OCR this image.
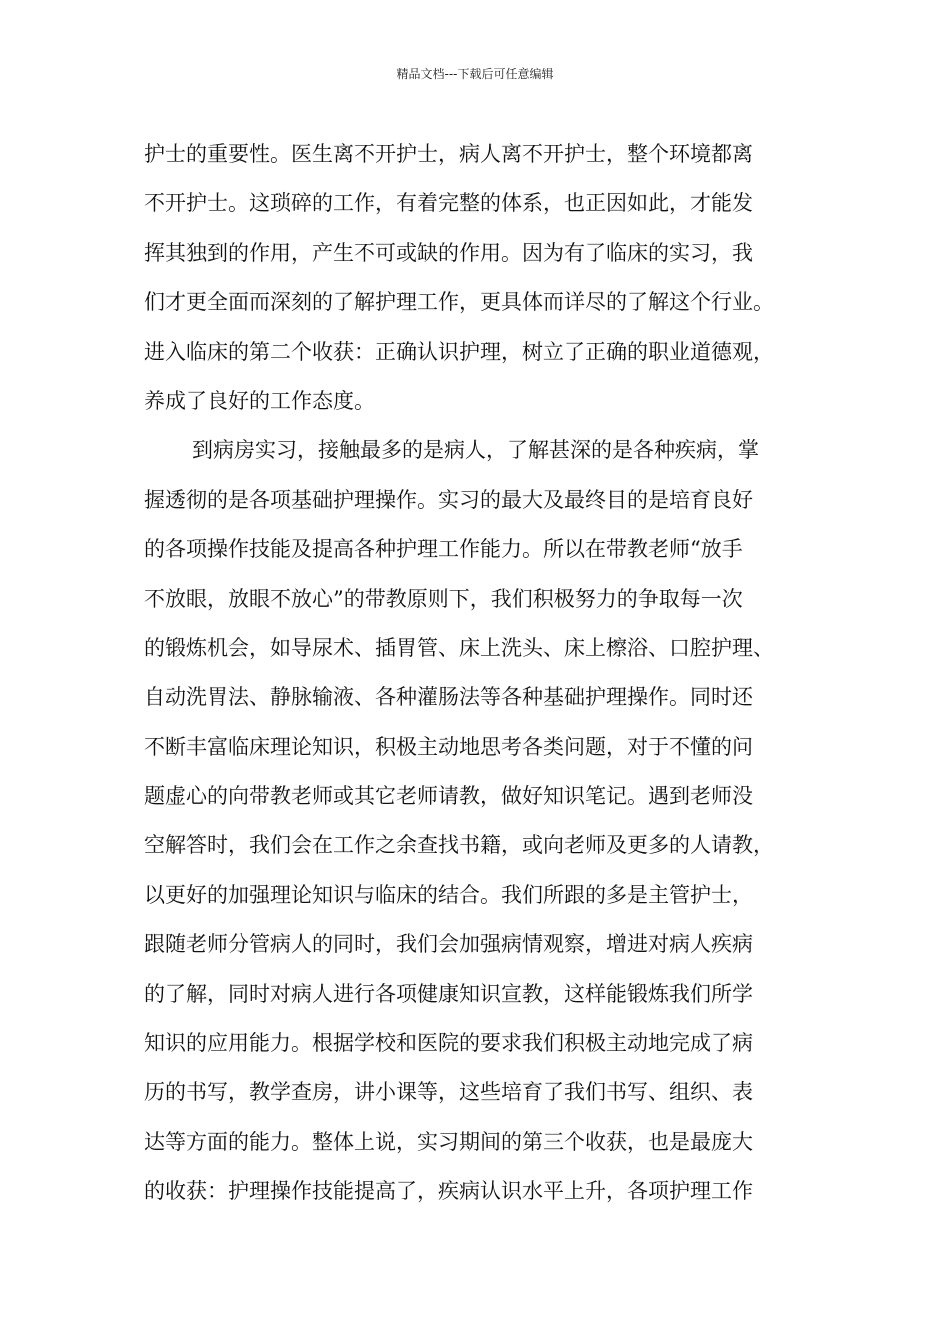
精品文档---下载后可任意编辑
护士的重要性。医生离不开护士，病人离不开护士，整个环境都离
不开护士。这琐碎的工作，有着完整的体系，也正因如此，才能发
挥其独到的作用，产生不可或缺的作用。因为有了临床的实习，我
们才更全面而深刻的了解护理工作，更具体而详尽的了解这个行业。
进入临床的第二个收获：正确认识护理，树立了正确的职业道德观，
养成了良好的工作态度。
到病房实习，接触最多的是病人，了解甚深的是各种疾病，掌
握透彻的是各项基础护理操作。实习的最大及最终目的是培育良好
的各项操作技能及提高各种护理工作能力。所以在带教老师“放手
不放眼，放眼不放心”的带教原则下，我们积极努力的争取每一次
的锻炼机会，如导尿术、插胃管、床上洗头、床上檫浴、口腔护理、
自动洗胃法、静脉输液、各种灌肠法等各种基础护理操作。同时还
不断丰富临床理论知识，积极主动地思考各类问题，对于不懂的问
题虚心的向带教老师或其它老师请教，做好知识笔记。遇到老师没
空解答时，我们会在工作之余查找书籍，或向老师及更多的人请教，
以更好的加强理论知识与临床的结合。我们所跟的多是主管护士，
跟随老师分管病人的同时，我们会加强病情观察，增进对病人疾病
的了解，同时对病人进行各项健康知识宣教，这样能锻炼我们所学
知识的应用能力。根据学校和医院的要求我们积极主动地完成了病
历的书写，教学查房，讲小课等，这些培育了我们书写、组织、表
达等方面的能力。整体上说，实习期间的第三个收获，也是最庞大
的收获：护理操作技能提高了，疾病认识水平上升，各项护理工作
